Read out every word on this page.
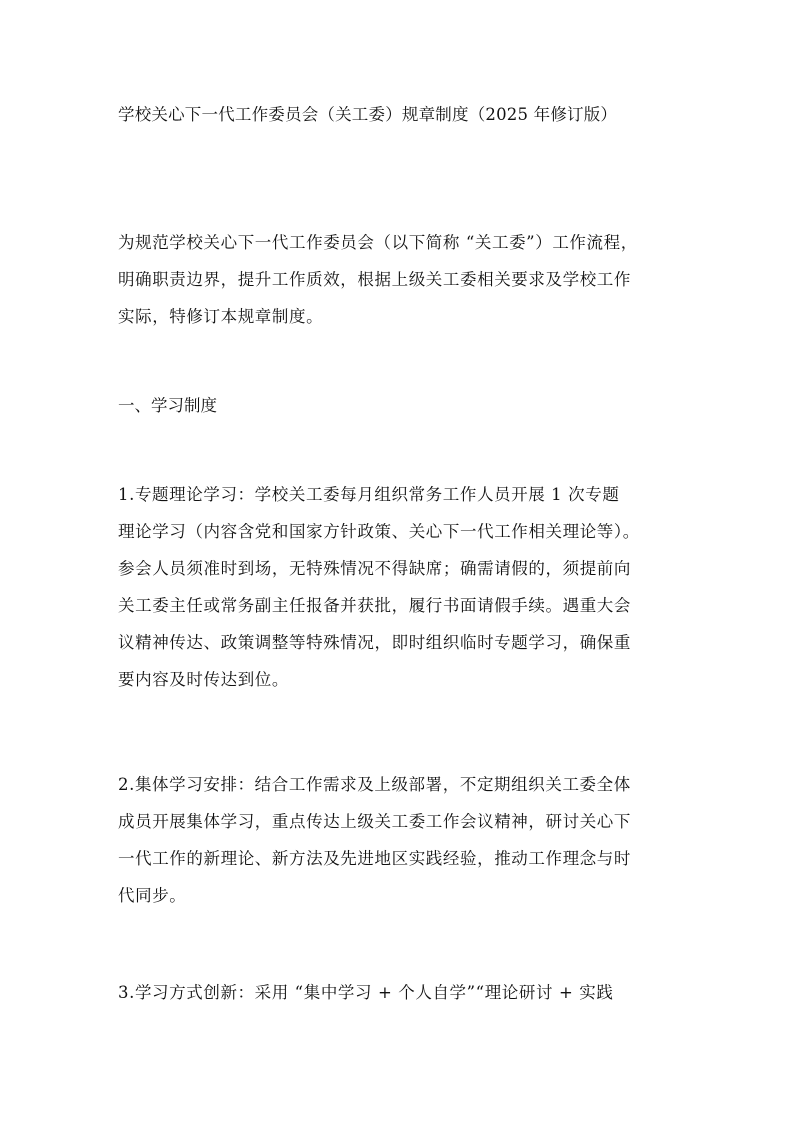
学校关心下一代工作委员会（关工委）规章制度（2025 年修订版）
为规范学校关心下一代工作委员会（以下简称 “关工委”）工作流程，
明确职责边界，提升工作质效，根据上级关工委相关要求及学校工作
实际，特修订本规章制度。
一、学习制度
1.专题理论学习：学校关工委每月组织常务工作人员开展 1 次专题
理论学习（内容含党和国家方针政策、关心下一代工作相关理论等）。
参会人员须准时到场，无特殊情况不得缺席；确需请假的，须提前向
关工委主任或常务副主任报备并获批，履行书面请假手续。遇重大会
议精神传达、政策调整等特殊情况，即时组织临时专题学习，确保重
要内容及时传达到位。
2.集体学习安排：结合工作需求及上级部署，不定期组织关工委全体
成员开展集体学习，重点传达上级关工委工作会议精神，研讨关心下
一代工作的新理论、新方法及先进地区实践经验，推动工作理念与时
代同步。
3.学习方式创新：采用 “集中学习 + 个人自学”“理论研讨 + 实践
